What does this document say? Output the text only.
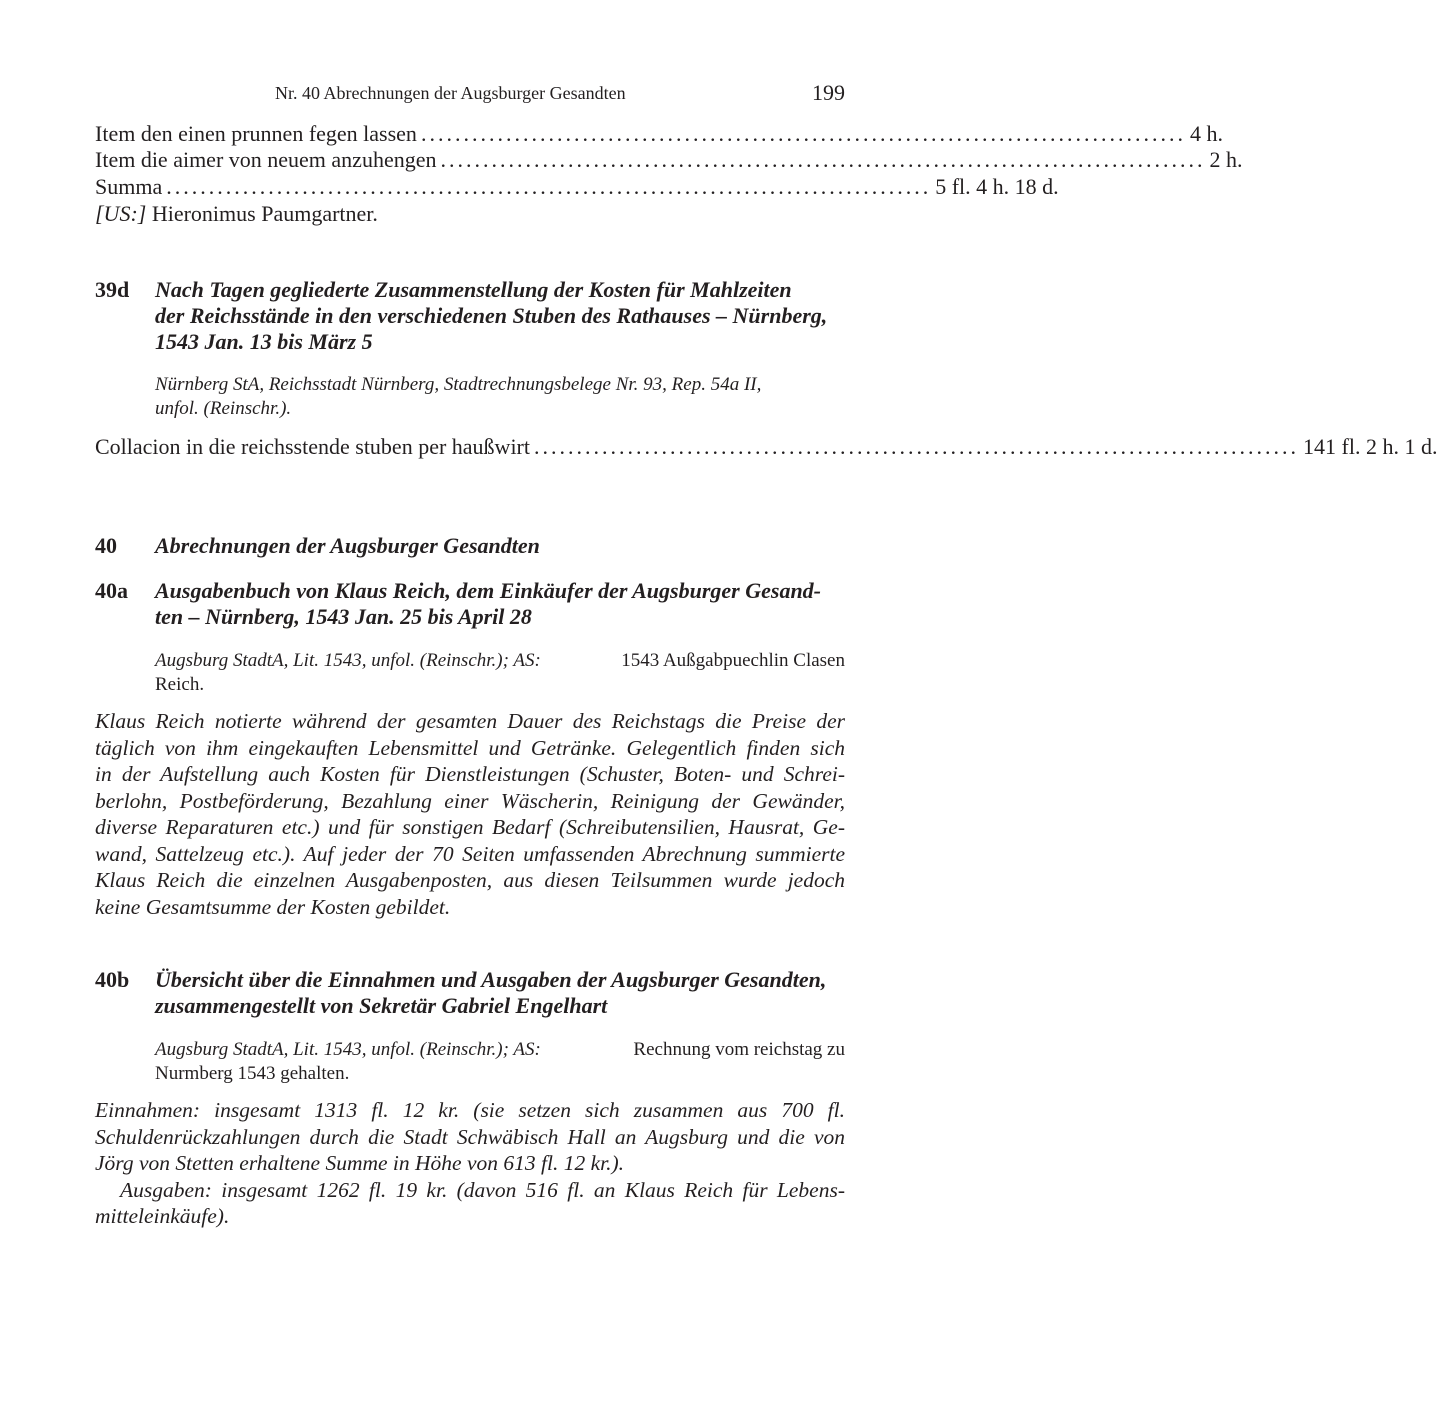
Nr. 40 Abrechnungen der Augsburger Gesandten	199
Item den einen prunnen fegen lassen .......................................................................................... 4 h.
Item die aimer von neuem anzuhengen .......................................................................................... 2 h.
Summa .......................................................................................... 5 fl. 4 h. 18 d.
[US:] Hieronimus Paumgartner.
39d Nach Tagen gegliederte Zusammenstellung der Kosten für Mahlzeiten
der Reichsstände in den verschiedenen Stuben des Rathauses – Nürnberg,
1543 Jan. 13 bis März 5
Nürnberg StA, Reichsstadt Nürnberg, Stadtrechnungsbelege Nr. 93, Rep. 54a II,
unfol. (Reinschr.).
Collacion in die reichsstende stuben per haußwirt .......................................................................................... 141 fl. 2 h. 1 d.
40 Abrechnungen der Augsburger Gesandten
40a Ausgabenbuch von Klaus Reich, dem Einkäufer der Augsburger Gesand-
ten – Nürnberg, 1543 Jan. 25 bis April 28
Augsburg StadtA, Lit. 1543, unfol. (Reinschr.); AS:	1543 Außgabpuechlin Clasen
Reich.
Klaus Reich notierte während der gesamten Dauer des Reichstags die Preise der
täglich von ihm eingekauften Lebensmittel und Getränke. Gelegentlich finden sich
in der Aufstellung auch Kosten für Dienstleistungen (Schuster, Boten- und Schrei-
berlohn, Postbeförderung, Bezahlung einer Wäscherin, Reinigung der Gewänder,
diverse Reparaturen etc.) und für sonstigen Bedarf (Schreibutensilien, Hausrat, Ge-
wand, Sattelzeug etc.). Auf jeder der 70 Seiten umfassenden Abrechnung summierte
Klaus Reich die einzelnen Ausgabenposten, aus diesen Teilsummen wurde jedoch
keine Gesamtsumme der Kosten gebildet.
40b Übersicht über die Einnahmen und Ausgaben der Augsburger Gesandten,
zusammengestellt von Sekretär Gabriel Engelhart
Augsburg StadtA, Lit. 1543, unfol. (Reinschr.); AS:	Rechnung vom reichstag zu
Nurmberg 1543 gehalten.
Einnahmen: insgesamt 1313 fl. 12 kr. (sie setzen sich zusammen aus 700 fl.
Schuldenrückzahlungen durch die Stadt Schwäbisch Hall an Augsburg und die von
Jörg von Stetten erhaltene Summe in Höhe von 613 fl. 12 kr.).
Ausgaben: insgesamt 1262 fl. 19 kr. (davon 516 fl. an Klaus Reich für Lebens-
mitteleinkäufe).
